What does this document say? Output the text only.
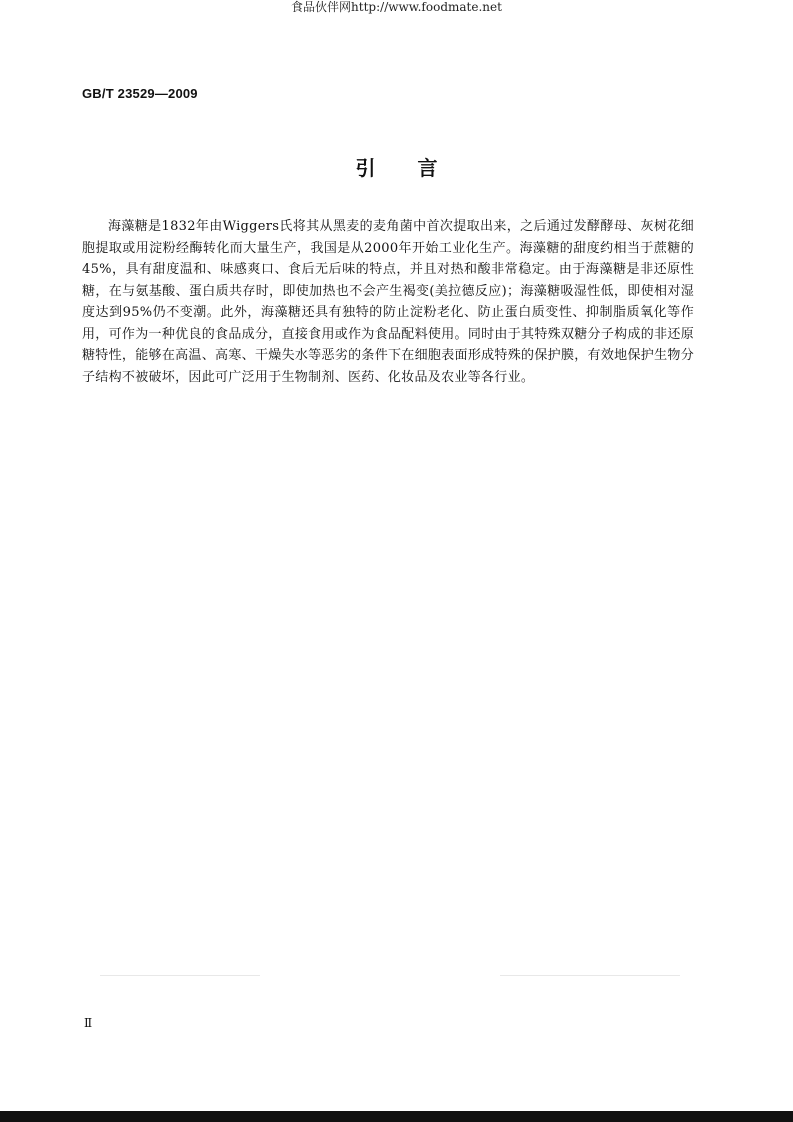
食品伙伴网http://www.foodmate.net
GB/T 23529—2009
引言

海藻糖是1832年由Wiggers氏将其从黑麦的麦角菌中首次提取出来，之后通过发酵酵母、灰树花细胞提取或用淀粉经酶转化而大量生产，我国是从2000年开始工业化生产。海藻糖的甜度约相当于蔗糖的45%，具有甜度温和、味感爽口、食后无后味的特点，并且对热和酸非常稳定。由于海藻糖是非还原性糖，在与氨基酸、蛋白质共存时，即使加热也不会产生褐变(美拉德反应)；海藻糖吸湿性低，即使相对湿度达到95%仍不变潮。此外，海藻糖还具有独特的防止淀粉老化、防止蛋白质变性、抑制脂质氧化等作用，可作为一种优良的食品成分，直接食用或作为食品配料使用。同时由于其特殊双糖分子构成的非还原糖特性，能够在高温、高寒、干燥失水等恶劣的条件下在细胞表面形成特殊的保护膜，有效地保护生物分子结构不被破坏，因此可广泛用于生物制剂、医药、化妆品及农业等各行业。

Ⅱ
